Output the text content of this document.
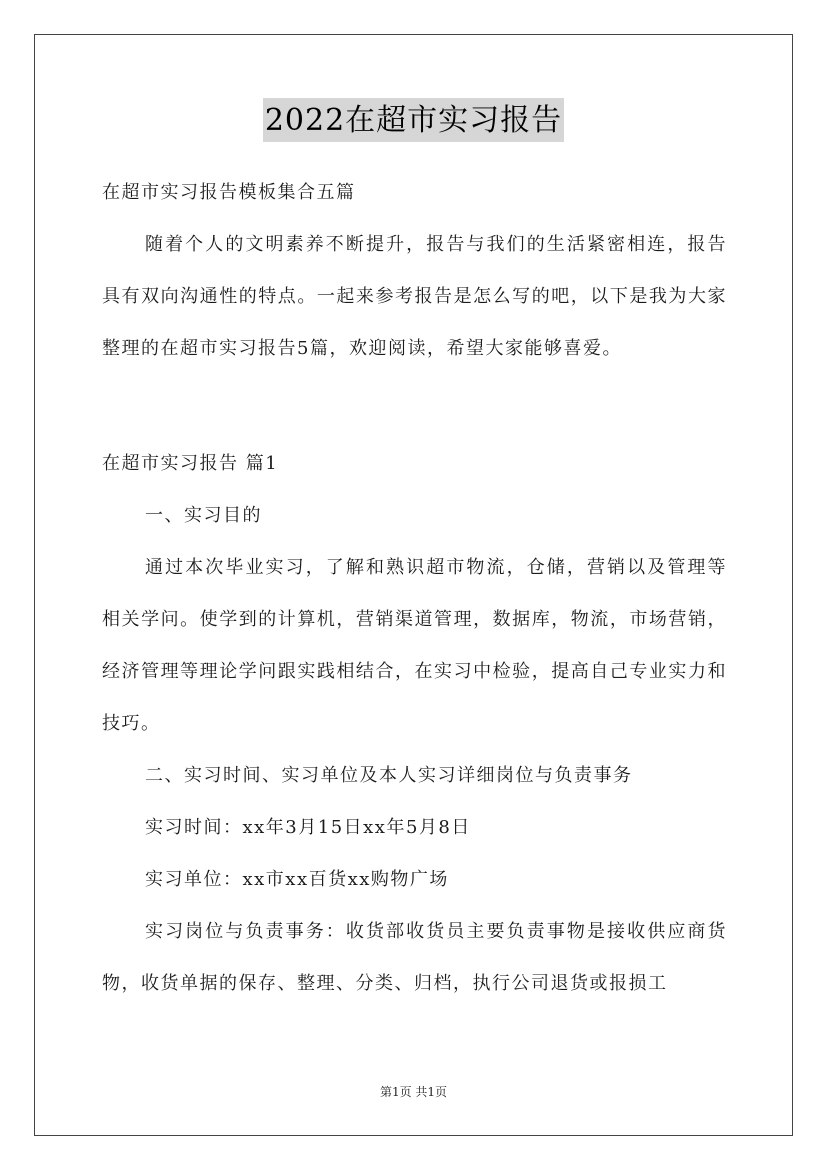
2022在超市实习报告

在超市实习报告模板集合五篇

随着个人的文明素养不断提升，报告与我们的生活紧密相连，报告具有双向沟通性的特点。一起来参考报告是怎么写的吧，以下是我为大家整理的在超市实习报告5篇，欢迎阅读，希望大家能够喜爱。

在超市实习报告 篇1

一、实习目的

通过本次毕业实习，了解和熟识超市物流，仓储，营销以及管理等相关学问。使学到的计算机，营销渠道管理，数据库，物流，市场营销，经济管理等理论学问跟实践相结合，在实习中检验，提高自己专业实力和技巧。

二、实习时间、实习单位及本人实习详细岗位与负责事务

实习时间：xx年3月15日xx年5月8日

实习单位：xx市xx百货xx购物广场

实习岗位与负责事务：收货部收货员主要负责事物是接收供应商货物，收货单据的保存、整理、分类、归档，执行公司退货或报损工

第1页 共1页
